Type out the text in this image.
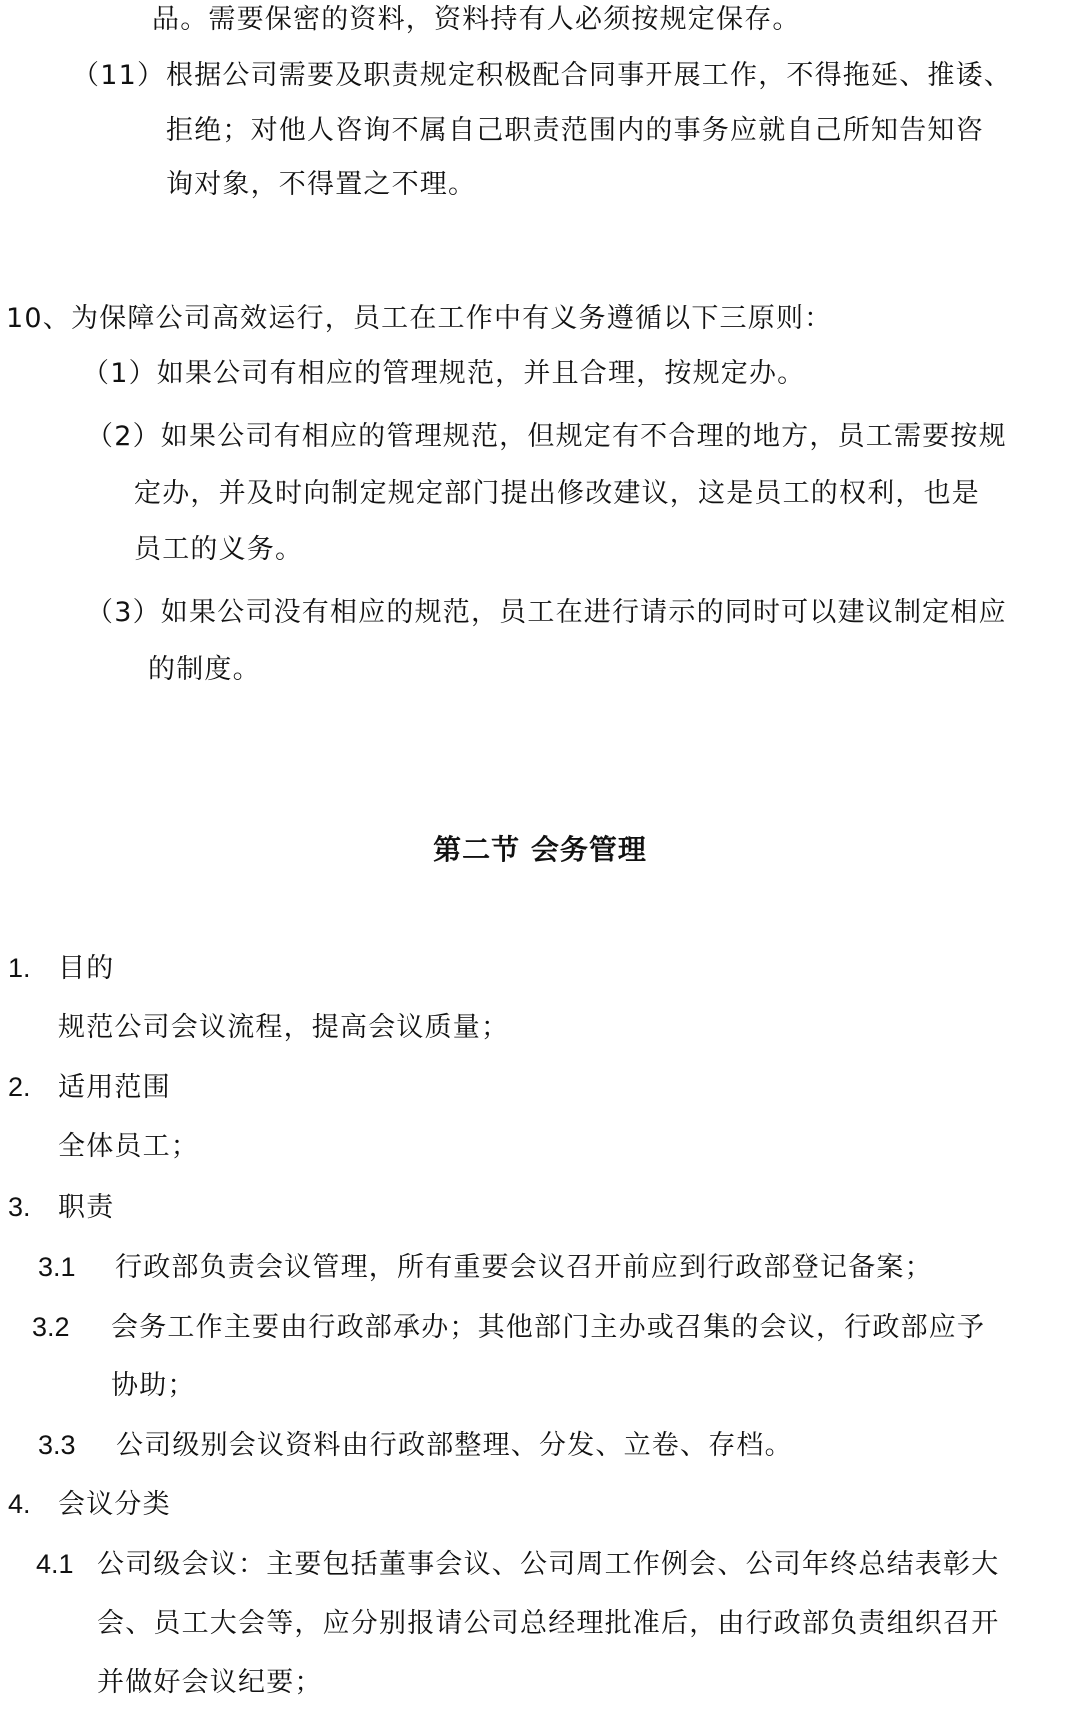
品。需要保密的资料，资料持有人必须按规定保存。
（11） 根据公司需要及职责规定积极配合同事开展工作，不得拖延、推诿、
拒绝；对他人咨询不属自己职责范围内的事务应就自己所知告知咨
询对象，不得置之不理。
10、为保障公司高效运行，员工在工作中有义务遵循以下三原则：
（1）如果公司有相应的管理规范，并且合理，按规定办。
（2）如果公司有相应的管理规范，但规定有不合理的地方，员工需要按规
定办，并及时向制定规定部门提出修改建议，这是员工的权利，也是
员工的义务。
（3）如果公司没有相应的规范，员工在进行请示的同时可以建议制定相应
的制度。
第二节 会务管理
1. 目的
规范公司会议流程，提高会议质量；
2. 适用范围
全体员工；
3. 职责
3.1 行政部负责会议管理，所有重要会议召开前应到行政部登记备案；
3.2 会务工作主要由行政部承办；其他部门主办或召集的会议，行政部应予
协助；
3.3 公司级别会议资料由行政部整理、分发、立卷、存档。
4. 会议分类
4.1 公司级会议：主要包括董事会议、公司周工作例会、公司年终总结表彰大
会、员工大会等，应分别报请公司总经理批准后，由行政部负责组织召开
并做好会议纪要；
